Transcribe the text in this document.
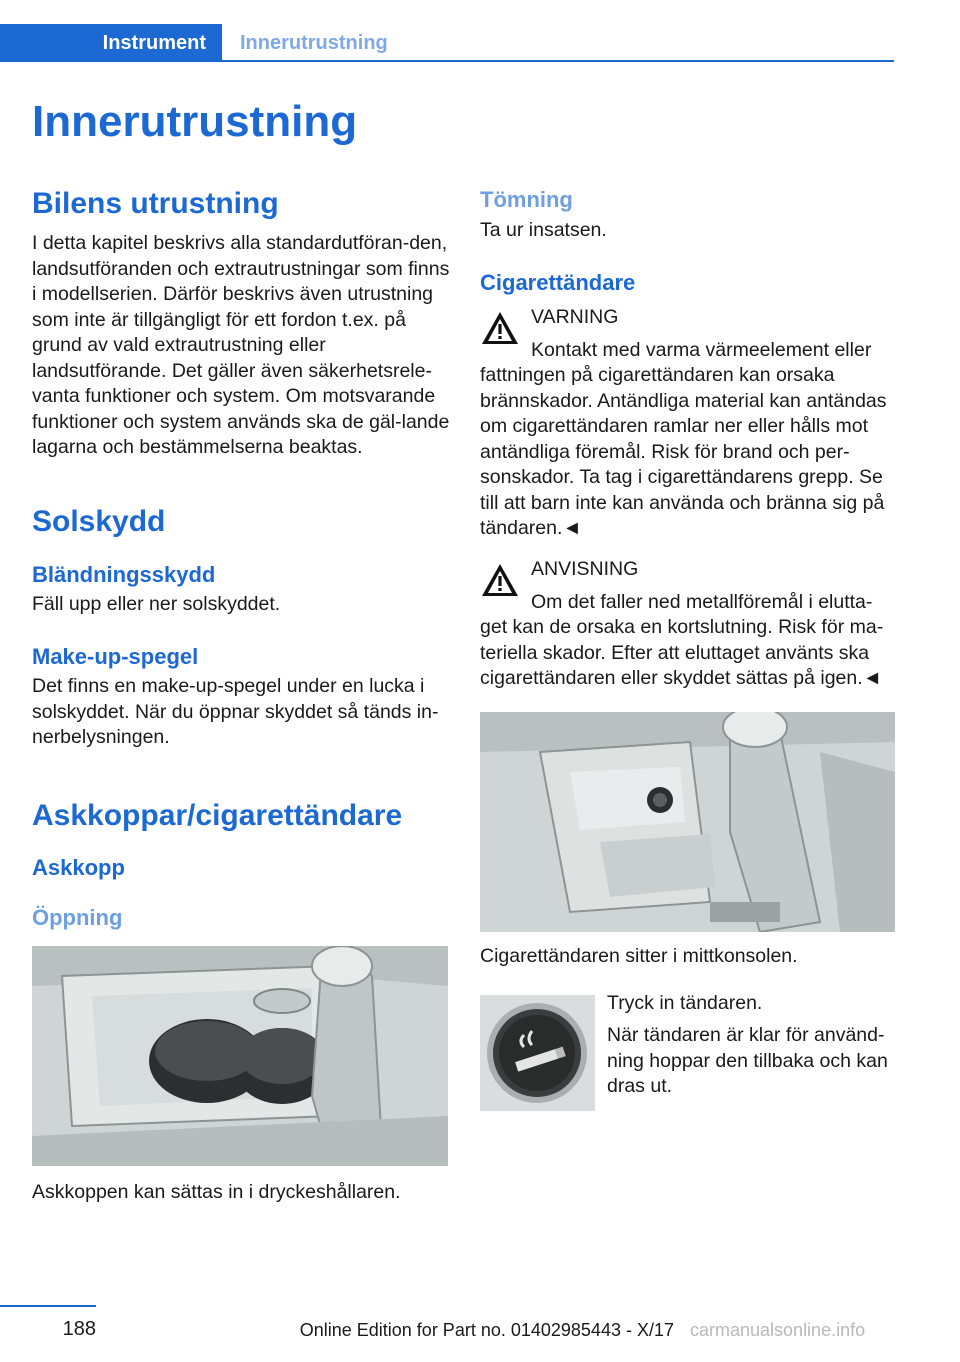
Instrument	Innerutrustning
Innerutrustning
Bilens utrustning
I detta kapitel beskrivs alla standardutföran-den, landsutföranden och extrautrustningar som finns i modellserien. Därför beskrivs även utrustning som inte är tillgängligt för ett fordon t.ex. på grund av vald extrautrustning eller landsutförande. Det gäller även säkerhetsrele-vanta funktioner och system. Om motsvarande funktioner och system används ska de gäl-lande lagarna och bestämmelserna beaktas.
Solskydd
Bländningsskydd
Fäll upp eller ner solskyddet.
Make-up-spegel
Det finns en make-up-spegel under en lucka i solskyddet. När du öppnar skyddet så tänds in-nerbelysningen.
Askkoppar/cigarettändare
Askkopp
Öppning
Askkoppen kan sättas in i dryckeshållaren.
Tömning
Ta ur insatsen.
Cigarettändare
VARNING
Kontakt med varma värmeelement eller
fattningen på cigarettändaren kan orsaka brännskador. Antändliga material kan antändas om cigarettändaren ramlar ner eller hålls mot antändliga föremål. Risk för brand och per-sonskador. Ta tag i cigarettändarens grepp. Se till att barn inte kan använda och bränna sig på tändaren.◄
ANVISNING
Om det faller ned metallföremål i elutta-
get kan de orsaka en kortslutning. Risk för ma-teriella skador. Efter att eluttaget använts ska cigarettändaren eller skyddet sättas på igen.◄
Cigarettändaren sitter i mittkonsolen.
Tryck in tändaren.
När tändaren är klar för använd-ning hoppar den tillbaka och kan dras ut.
188	Online Edition for Part no. 01402985443 - X/17 carmanualsonline.info
